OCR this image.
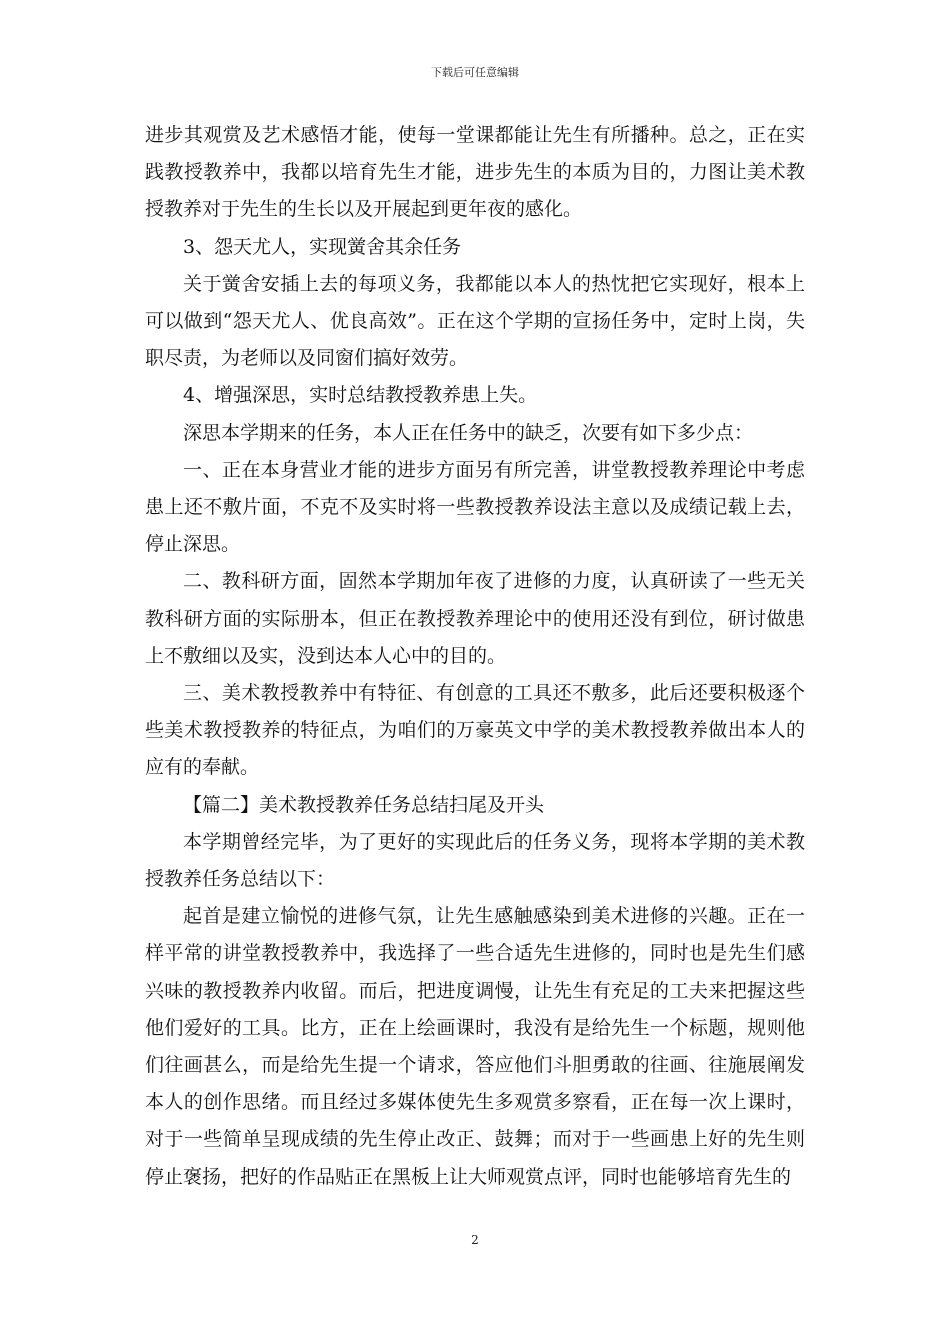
下载后可任意编辑

进步其观赏及艺术感悟才能，使每一堂课都能让先生有所播种。总之，正在实践教授教养中，我都以培育先生才能，进步先生的本质为目的，力图让美术教授教养对于先生的生长以及开展起到更年夜的感化。

3、怨天尤人，实现黉舍其余任务

关于黉舍安插上去的每项义务，我都能以本人的热忱把它实现好，根本上可以做到“怨天尤人、优良高效”。正在这个学期的宣扬任务中，定时上岗，失职尽责，为老师以及同窗们搞好效劳。

4、增强深思，实时总结教授教养患上失。

深思本学期来的任务，本人正在任务中的缺乏，次要有如下多少点：

一、正在本身营业才能的进步方面另有所完善，讲堂教授教养理论中考虑患上还不敷片面，不克不及实时将一些教授教养设法主意以及成绩记载上去，停止深思。

二、教科研方面，固然本学期加年夜了进修的力度，认真研读了一些无关教科研方面的实际册本，但正在教授教养理论中的使用还没有到位，研讨做患上不敷细以及实，没到达本人心中的目的。

三、美术教授教养中有特征、有创意的工具还不敷多，此后还要积极逐个些美术教授教养的特征点，为咱们的万豪英文中学的美术教授教养做出本人的应有的奉献。

【篇二】美术教授教养任务总结扫尾及开头

本学期曾经完毕，为了更好的实现此后的任务义务，现将本学期的美术教授教养任务总结以下：

起首是建立愉悦的进修气氛，让先生感触感染到美术进修的兴趣。正在一样平常的讲堂教授教养中，我选择了一些合适先生进修的，同时也是先生们感兴味的教授教养内收留。而后，把进度调慢，让先生有充足的工夫来把握这些他们爱好的工具。比方，正在上绘画课时，我没有是给先生一个标题，规则他们往画甚么，而是给先生提一个请求，答应他们斗胆勇敢的往画、往施展阐发本人的创作思绪。而且经过多媒体使先生多观赏多察看，正在每一次上课时，对于一些简单呈现成绩的先生停止改正、鼓舞；而对于一些画患上好的先生则停止褒扬，把好的作品贴正在黑板上让大师观赏点评，同时也能够培育先生的

2
